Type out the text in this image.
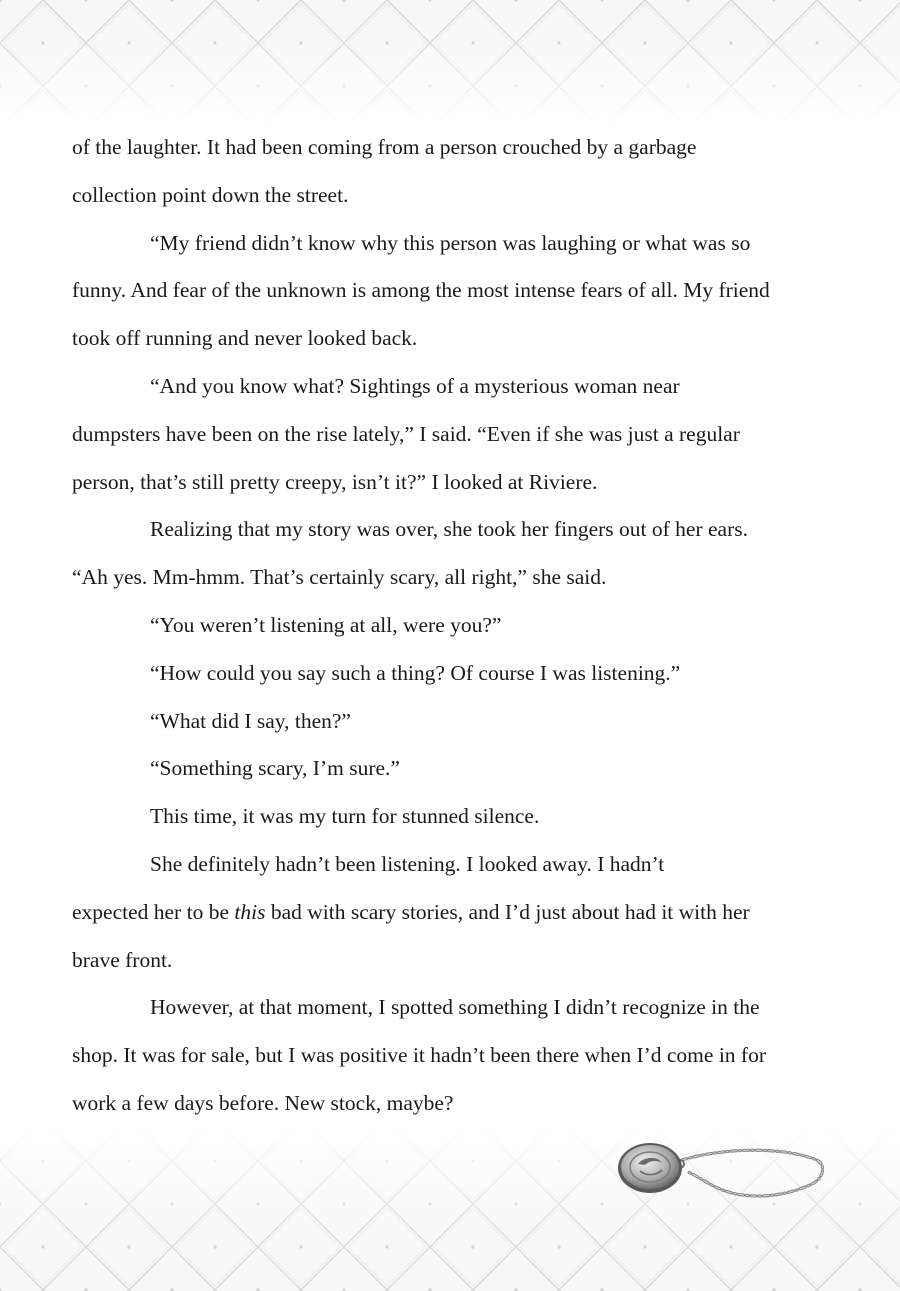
of the laughter. It had been coming from a person crouched by a garbage collection point down the street.

“My friend didn’t know why this person was laughing or what was so funny. And fear of the unknown is among the most intense fears of all. My friend took off running and never looked back.

“And you know what? Sightings of a mysterious woman near dumpsters have been on the rise lately,” I said. “Even if she was just a regular person, that’s still pretty creepy, isn’t it?” I looked at Riviere.

Realizing that my story was over, she took her fingers out of her ears. “Ah yes. Mm-hmm. That’s certainly scary, all right,” she said.

“You weren’t listening at all, were you?”

“How could you say such a thing? Of course I was listening.”

“What did I say, then?”

“Something scary, I’m sure.”

This time, it was my turn for stunned silence.

She definitely hadn’t been listening. I looked away. I hadn’t

expected her to be this bad with scary stories, and I’d just about had it with her brave front.

However, at that moment, I spotted something I didn’t recognize in the shop. It was for sale, but I was positive it hadn’t been there when I’d come in for work a few days before. New stock, maybe?
